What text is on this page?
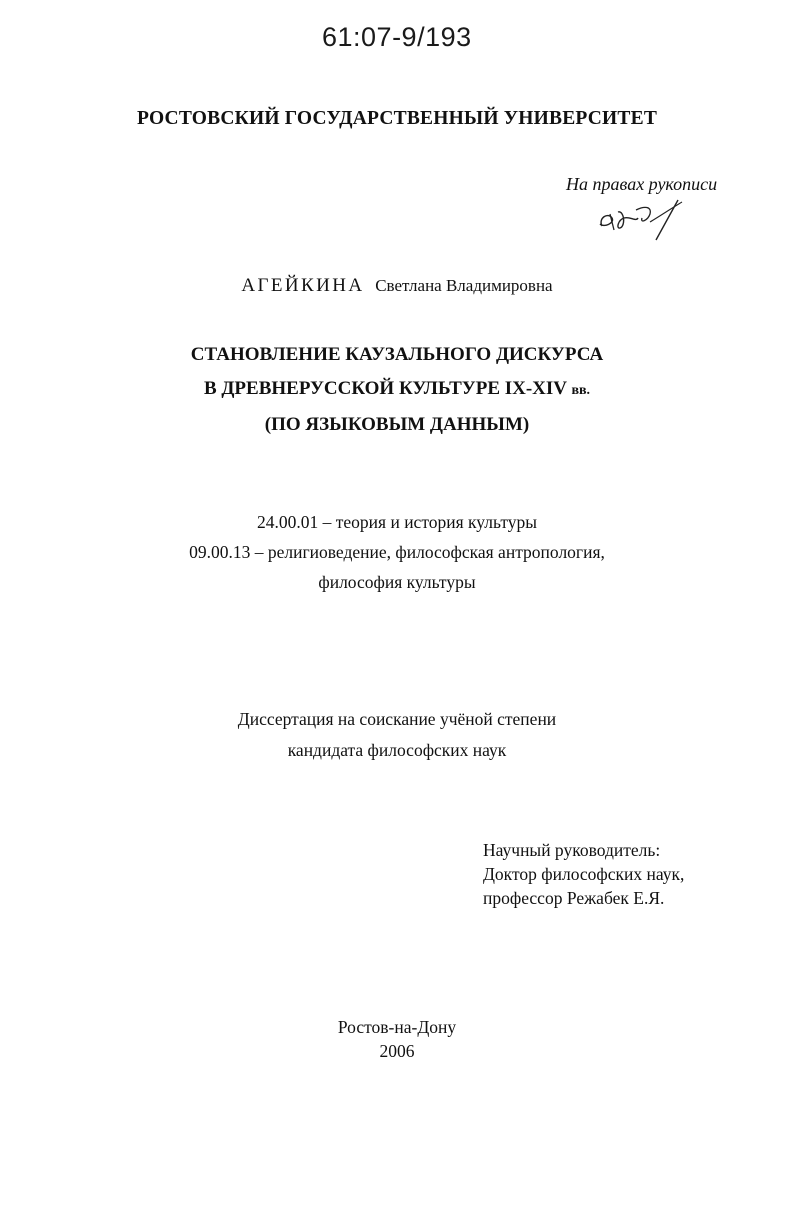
61:07-9/193
РОСТОВСКИЙ ГОСУДАРСТВЕННЫЙ УНИВЕРСИТЕТ
На правах рукописи
АГЕЙКИНА Светлана Владимировна
СТАНОВЛЕНИЕ КАУЗАЛЬНОГО ДИСКУРСА
В ДРЕВНЕРУССКОЙ КУЛЬТУРЕ IX-XIV вв.
(ПО ЯЗЫКОВЫМ ДАННЫМ)
24.00.01 – теория и история культуры
09.00.13 – религиоведение, философская антропология,
философия культуры
Диссертация на соискание учёной степени
кандидата философских наук
Научный руководитель:
Доктор философских наук,
профессор Режабек Е.Я.
Ростов-на-Дону
2006
